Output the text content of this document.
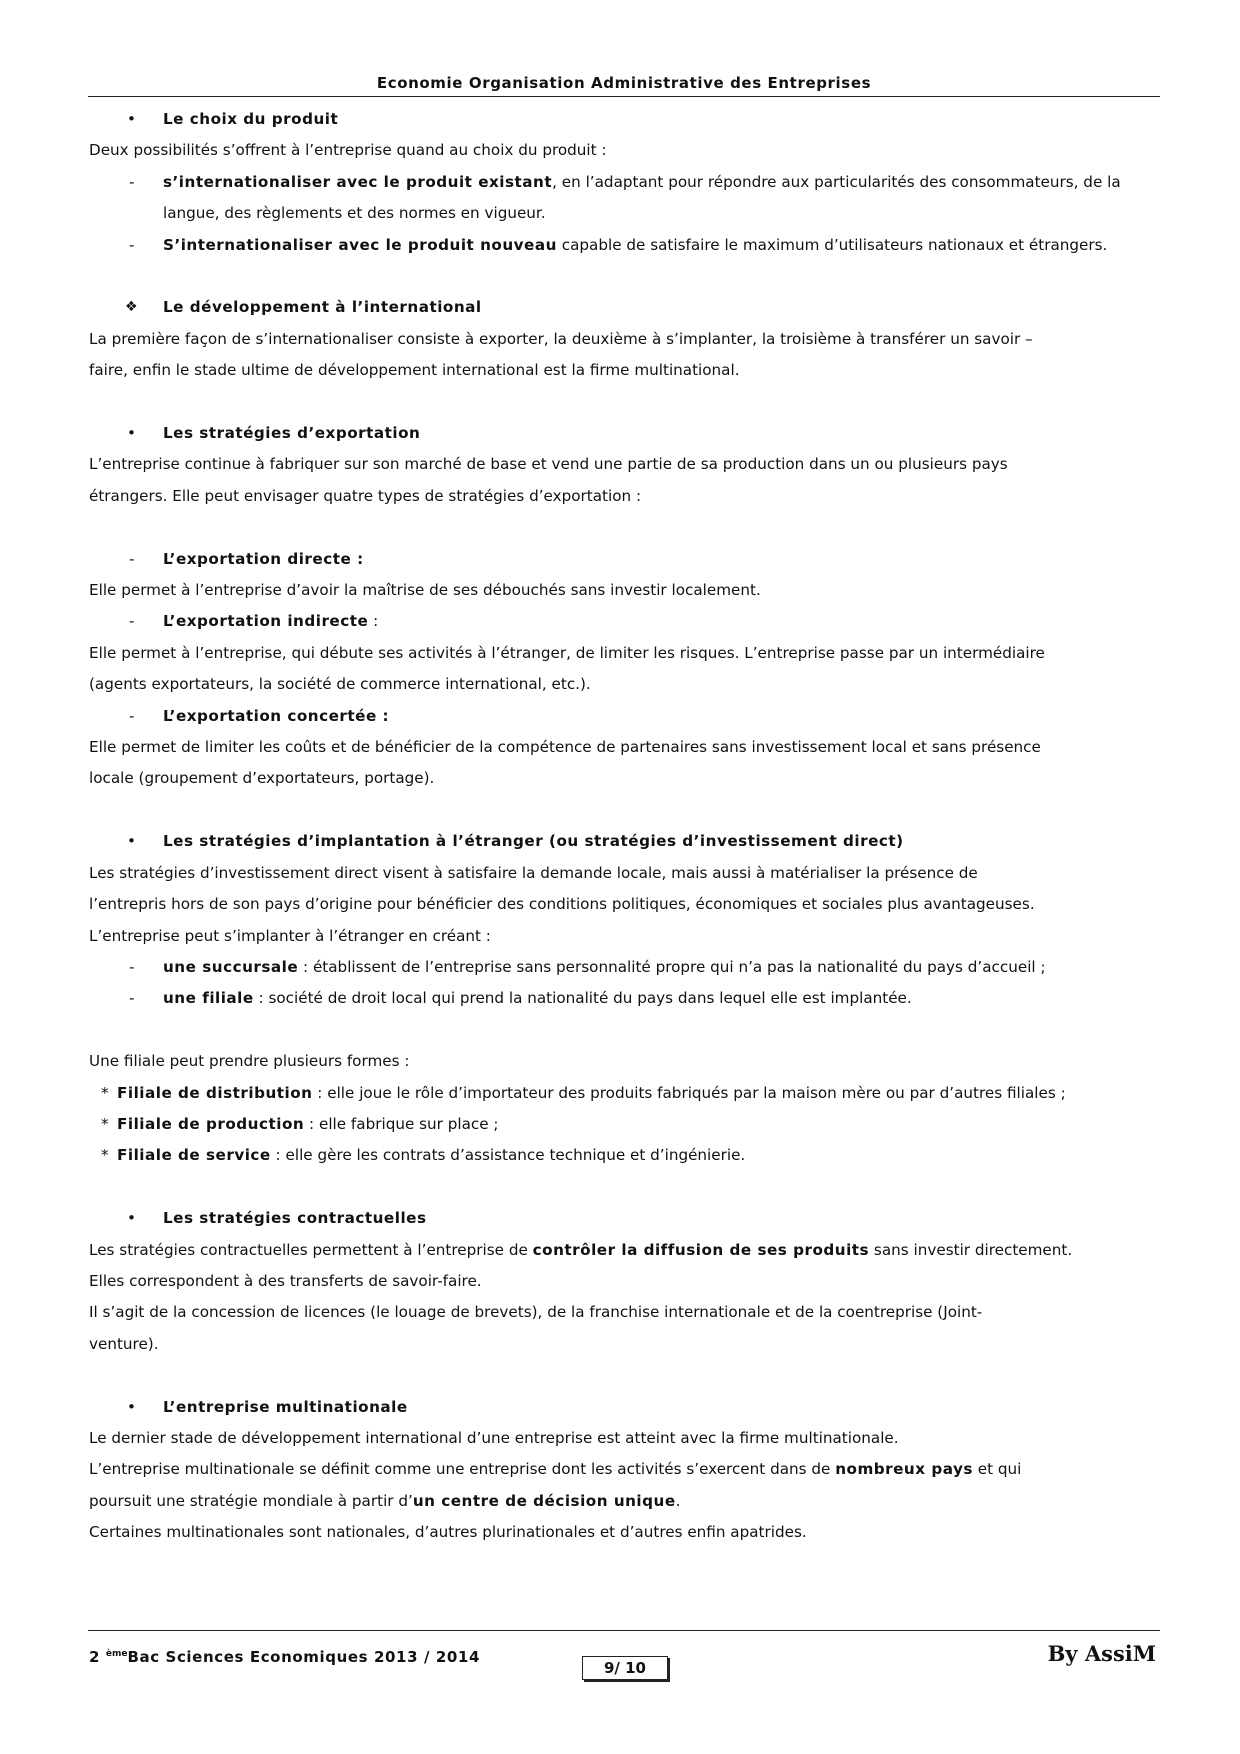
Economie Organisation Administrative des Entreprises
• Le choix du produit

Deux possibilités s’offrent à l’entreprise quand au choix du produit :

- s’internationaliser avec le produit existant, en l’adaptant pour répondre aux particularités des consommateurs, de la langue, des règlements et des normes en vigueur.
- S’internationaliser avec le produit nouveau capable de satisfaire le maximum d’utilisateurs nationaux et étrangers.
❖ Le développement à l’international

La première façon de s’internationaliser consiste à exporter, la deuxième à s’implanter, la troisième à transférer un savoir –

faire, enfin le stade ultime de développement international est la firme multinational.

• Les stratégies d’exportation

L’entreprise continue à fabriquer sur son marché de base et vend une partie de sa production dans un ou plusieurs pays

étrangers. Elle peut envisager quatre types de stratégies d’exportation :

- L’exportation directe :

Elle permet à l’entreprise d’avoir la maîtrise de ses débouchés sans investir localement.

- L’exportation indirecte :

Elle permet à l’entreprise, qui débute ses activités à l’étranger, de limiter les risques. L’entreprise passe par un intermédiaire

(agents exportateurs, la société de commerce international, etc.).

- L’exportation concertée :

Elle permet de limiter les coûts et de bénéficier de la compétence de partenaires sans investissement local et sans présence

locale (groupement d’exportateurs, portage).

• Les stratégies d’implantation à l’étranger (ou stratégies d’investissement direct)

Les stratégies d’investissement direct visent à satisfaire la demande locale, mais aussi à matérialiser la présence de

l’entrepris hors de son pays d’origine pour bénéficier des conditions politiques, économiques et sociales plus avantageuses.

L’entreprise peut s’implanter à l’étranger en créant :

- une succursale : établissent de l’entreprise sans personnalité propre qui n’a pas la nationalité du pays d’accueil ;
- une filiale : société de droit local qui prend la nationalité du pays dans lequel elle est implantée.

Une filiale peut prendre plusieurs formes :

* Filiale de distribution : elle joue le rôle d’importateur des produits fabriqués par la maison mère ou par d’autres filiales ;
* Filiale de production : elle fabrique sur place ;
* Filiale de service : elle gère les contrats d’assistance technique et d’ingénierie.
• Les stratégies contractuelles

Les stratégies contractuelles permettent à l’entreprise de contrôler la diffusion de ses produits sans investir directement.

Elles correspondent à des transferts de savoir-faire.

Il s’agit de la concession de licences (le louage de brevets), de la franchise internationale et de la coentreprise (Joint-

venture).

• L’entreprise multinationale

Le dernier stade de développement international d’une entreprise est atteint avec la firme multinationale.

L’entreprise multinationale se définit comme une entreprise dont les activités s’exercent dans de nombreux pays et qui

poursuit une stratégie mondiale à partir d’un centre de décision unique.

Certaines multinationales sont nationales, d’autres plurinationales et d’autres enfin apatrides.

2 $^{ème}$Bac Sciences Economiques 2013 / 2014
9/ 10
By AssiM
